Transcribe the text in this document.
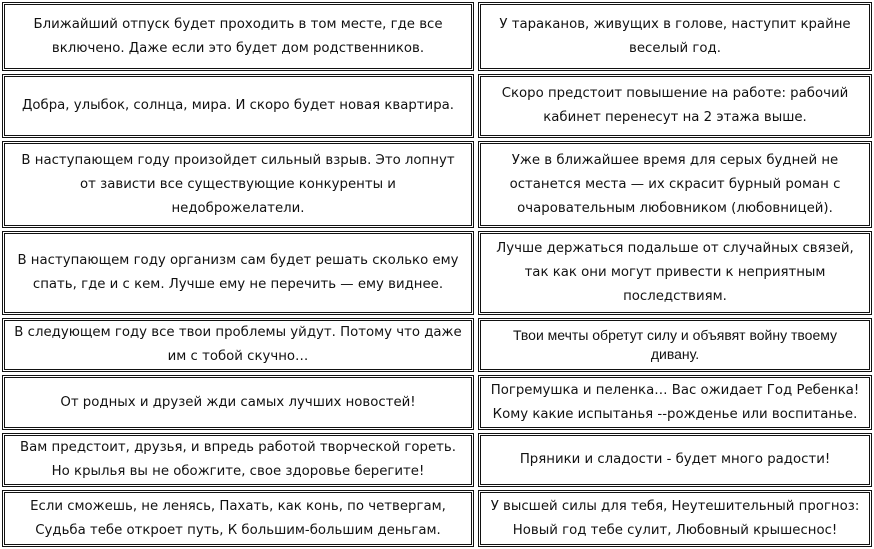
Ближайший отпуск будет проходить в том месте, где все включено. Даже если это будет дом родственников.
У тараканов, живущих в голове, наступит крайне веселый год.
Добра, улыбок, солнца, мира. И скоро будет новая квартира.
Скоро предстоит повышение на работе: рабочий кабинет перенесут на 2 этажа выше.
В наступающем году произойдет сильный взрыв. Это лопнут от зависти все существующие конкуренты и недоброжелатели.
Уже в ближайшее время для серых будней не останется места — их скрасит бурный роман с очаровательным любовником (любовницей).
В наступающем году организм сам будет решать сколько ему спать, где и с кем. Лучше ему не перечить — ему виднее.
Лучше держаться подальше от случайных связей, так как они могут привести к неприятным последствиям.
В следующем году все твои проблемы уйдут. Потому что даже им с тобой скучно…
Твои мечты обретут силу и объявят войну твоему дивану.
От родных и друзей жди самых лучших новостей!
Погремушка и пеленка… Вас ожидает Год Ребенка! Кому какие испытанья --рожденье или воспитанье.
Вам предстоит, друзья, и впредь работой творческой гореть. Но крылья вы не обожгите, свое здоровье берегите!
Пряники и сладости - будет много радости!
Если сможешь, не ленясь, Пахать, как конь, по четвергам, Судьба тебе откроет путь, К большим-большим деньгам.
У высшей силы для тебя, Неутешительный прогноз: Новый год тебе сулит, Любовный крышеснос!
